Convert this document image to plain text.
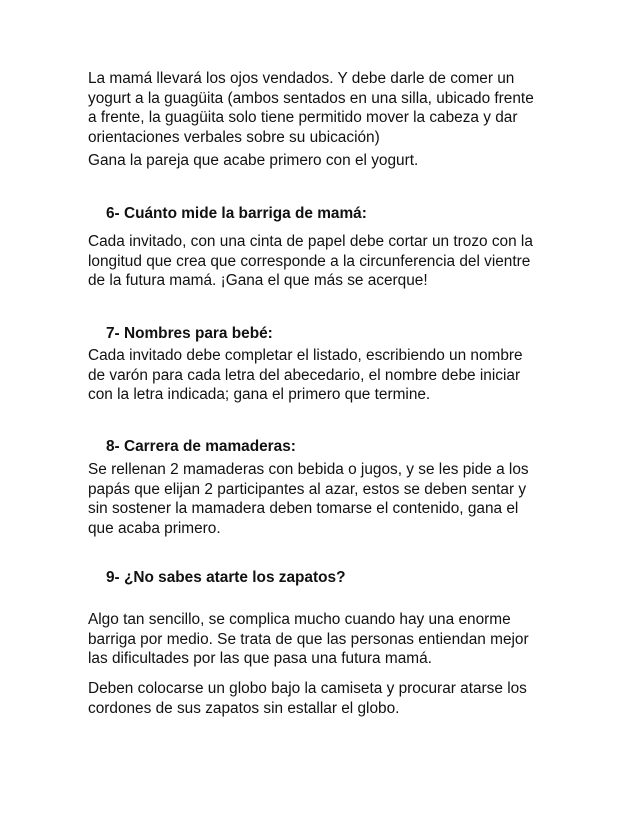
La mamá llevará los ojos vendados. Y debe darle de comer un
yogurt a la guagüita (ambos sentados en una silla, ubicado frente
a frente, la guagüita solo tiene permitido mover la cabeza y dar
orientaciones verbales sobre su ubicación)

Gana la pareja que acabe primero con el yogurt.

6- Cuánto mide la barriga de mamá:

Cada invitado, con una cinta de papel debe cortar un trozo con la
longitud que crea que corresponde a la circunferencia del vientre
de la futura mamá. ¡Gana el que más se acerque!

7- Nombres para bebé:

Cada invitado debe completar el listado, escribiendo un nombre
de varón para cada letra del abecedario, el nombre debe iniciar
con la letra indicada; gana el primero que termine.

8- Carrera de mamaderas:

Se rellenan 2 mamaderas con bebida o jugos, y se les pide a los
papás que elijan 2 participantes al azar, estos se deben sentar y
sin sostener la mamadera deben tomarse el contenido, gana el
que acaba primero.

9- ¿No sabes atarte los zapatos?

Algo tan sencillo, se complica mucho cuando hay una enorme
barriga por medio. Se trata de que las personas entiendan mejor
las dificultades por las que pasa una futura mamá.

Deben colocarse un globo bajo la camiseta y procurar atarse los
cordones de sus zapatos sin estallar el globo.
